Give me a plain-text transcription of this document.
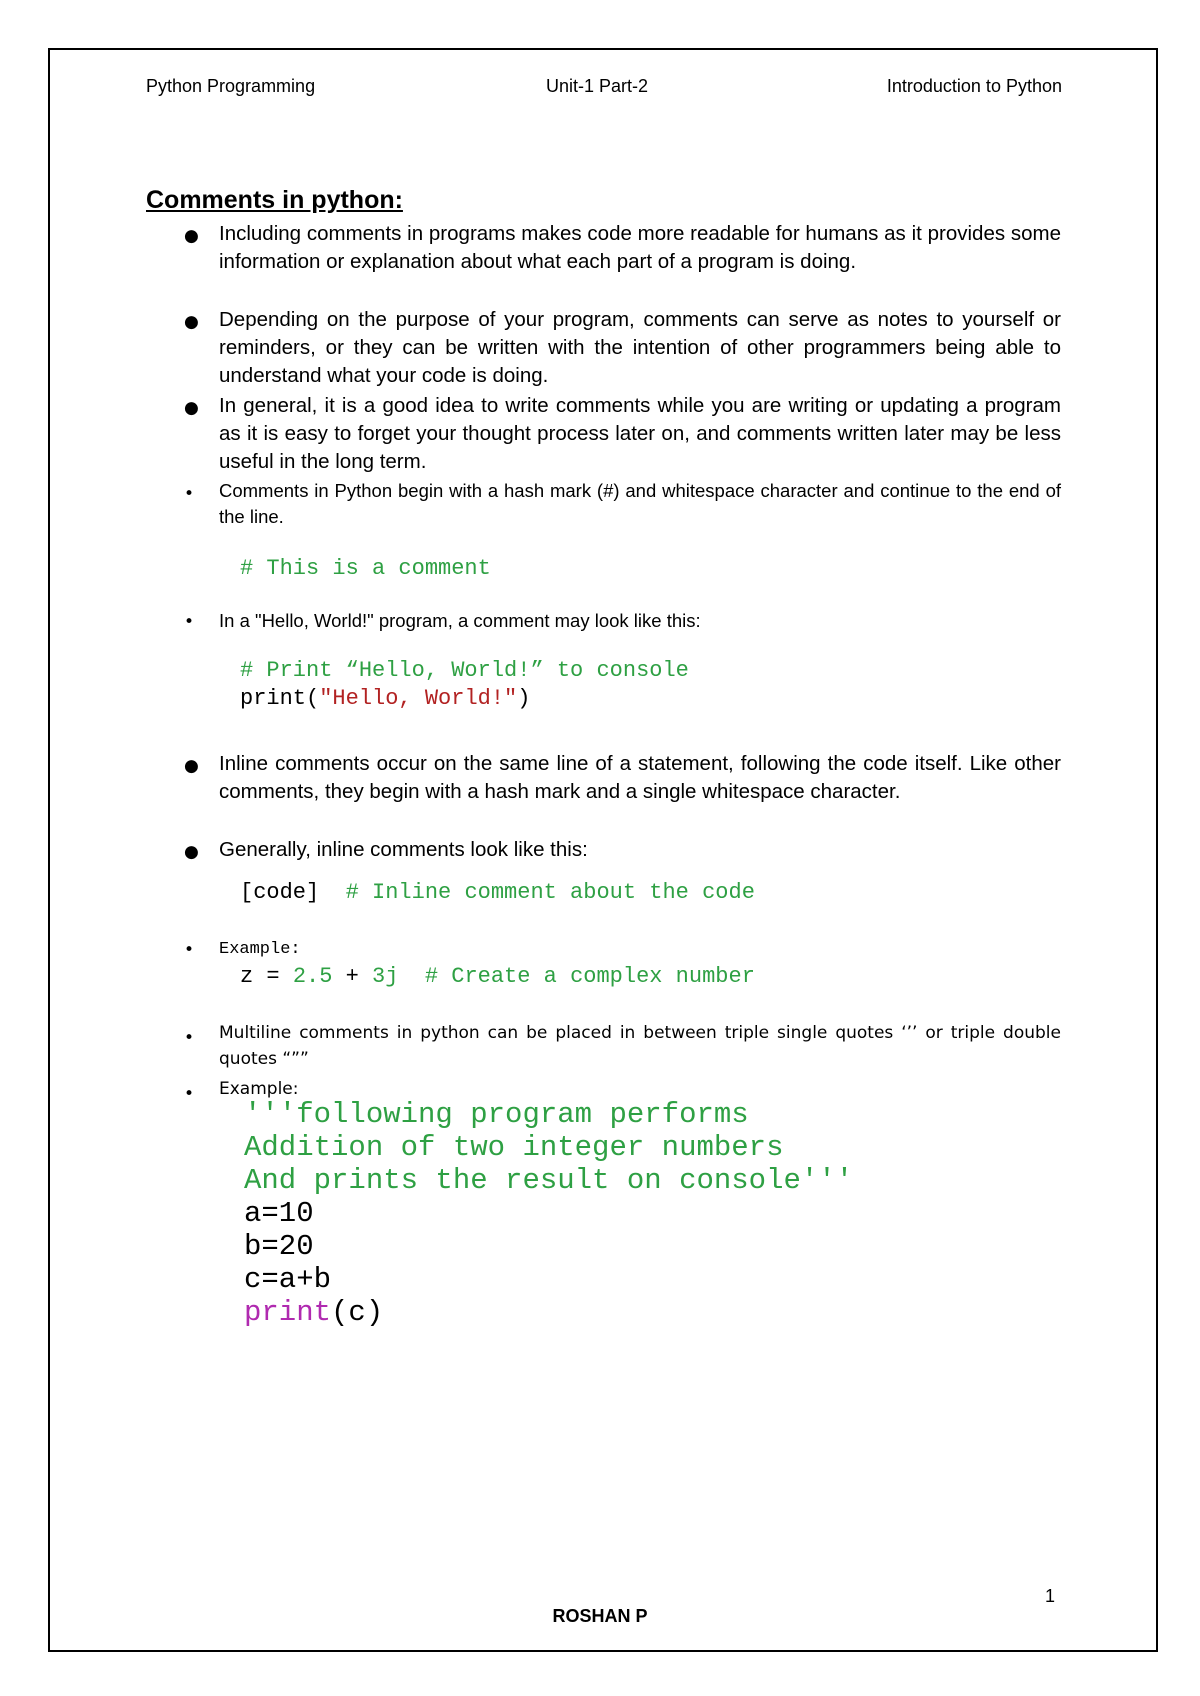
Python Programming	Unit-1 Part-2	Introduction to Python
Comments in python:
● Including comments in programs makes code more readable for humans as it provides some information or explanation about what each part of a program is doing.
● Depending on the purpose of your program, comments can serve as notes to yourself or reminders, or they can be written with the intention of other programmers being able to understand what your code is doing.
● In general, it is a good idea to write comments while you are writing or updating a program as it is easy to forget your thought process later on, and comments written later may be less useful in the long term.
• Comments in Python begin with a hash mark (#) and whitespace character and continue to the end of the line.
# This is a comment
• In a "Hello, World!" program, a comment may look like this:
# Print “Hello, World!” to console
print("Hello, World!")
● Inline comments occur on the same line of a statement, following the code itself. Like other comments, they begin with a hash mark and a single whitespace character.
● Generally, inline comments look like this:
[code] # Inline comment about the code
• Example:
z = 2.5 + 3j # Create a complex number
• Multiline comments in python can be placed in between triple single quotes ‘’’ or triple double quotes “””
• Example:
'''following program performs
Addition of two integer numbers
And prints the result on console'''
a=10
b=20
c=a+b
print(c)
1
ROSHAN P
